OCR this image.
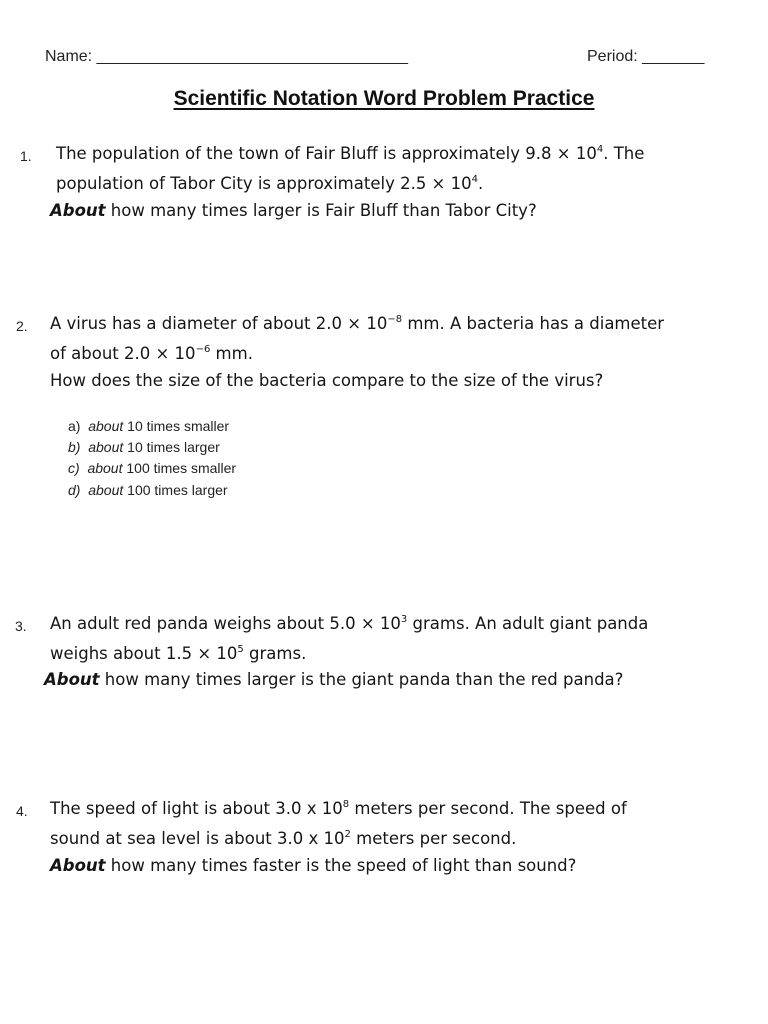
Name: ___________________________________	Period: _______
Scientific Notation Word Problem Practice
1. The population of the town of Fair Bluff is approximately $9.8 \times 10^4$. The
population of Tabor City is approximately $2.5 \times 10^4$.
About how many times larger is Fair Bluff than Tabor City?
2. A virus has a diameter of about $2.0 \times 10^{-8}$ mm. A bacteria has a diameter
of about $2.0 \times 10^{-6}$ mm.
How does the size of the bacteria compare to the size of the virus?
a) about 10 times smaller
b) about 10 times larger
c) about 100 times smaller
d) about 100 times larger
3. An adult red panda weighs about $5.0 \times 10^3$ grams. An adult giant panda
weighs about $1.5 \times 10^5$ grams.
About how many times larger is the giant panda than the red panda?
4. The speed of light is about 3.0 x $10^8$ meters per second. The speed of
sound at sea level is about 3.0 x $10^2$ meters per second.
About how many times faster is the speed of light than sound?
